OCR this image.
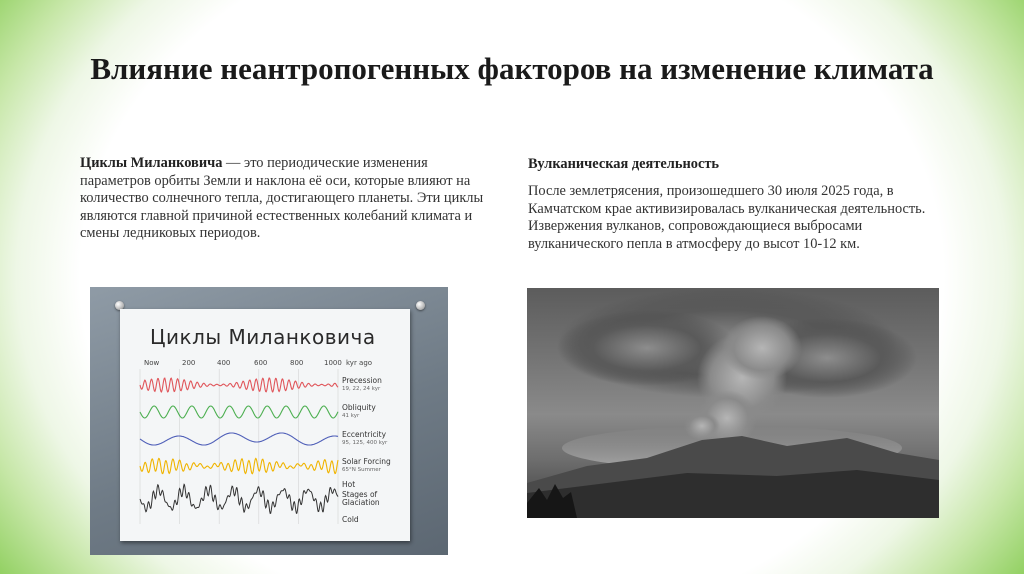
Влияние неантропогенных факторов на изменение климата
Циклы Миланковича — это периодические изменения параметров орбиты Земли и наклона её оси, которые влияют на количество солнечного тепла, достигающего планеты. Эти циклы являются главной причиной естественных колебаний климата и смены ледниковых периодов.
Вулканическая деятельность
После землетрясения, произошедшего 30 июля 2025 года, в Камчатском крае активизировалась вулканическая деятельность. Извержения вулканов, сопровождающиеся выбросами вулканического пепла в атмосферу до высот 10-12 км.
Циклы Миланковича
Now	200	400	600	800	1000 kyr ago
Precession
19, 22, 24 kyr
Obliquity
41 kyr
Eccentricity
95, 125, 400 kyr
Solar Forcing
65°N Summer
Hot
Stages of Glaciation
Cold
